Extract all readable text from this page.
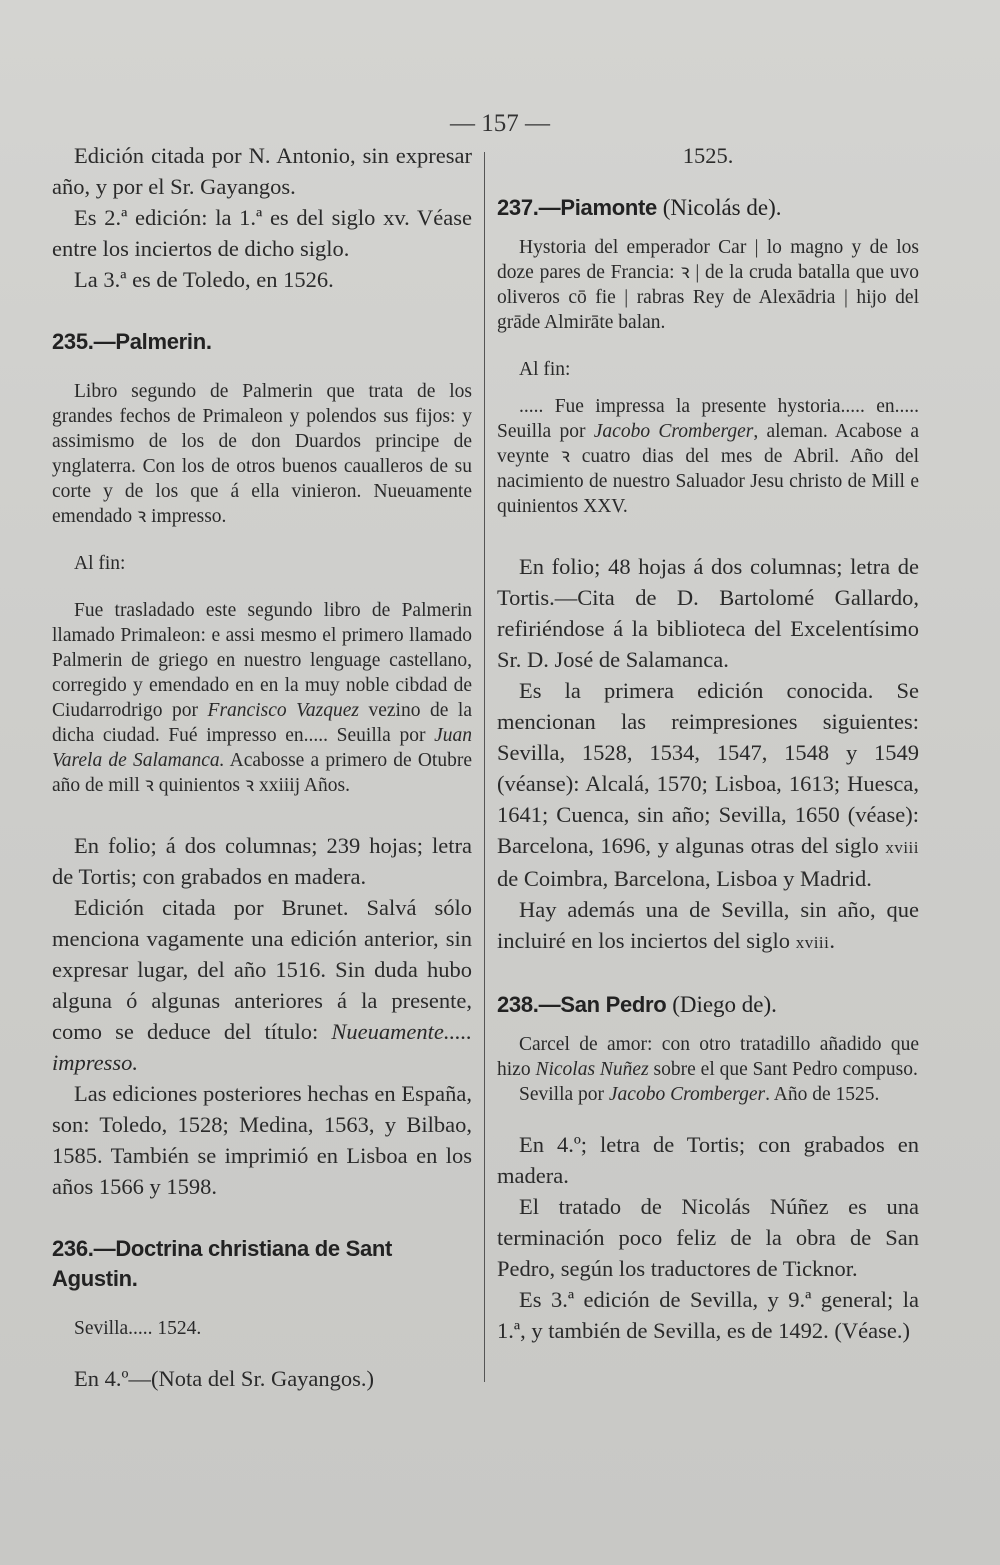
— 157 —

Edición citada por N. Antonio, sin expresar año, y por el Sr. Gayangos.

Es 2.ª edición: la 1.ª es del siglo xv. Véase entre los inciertos de dicho siglo.

La 3.ª es de Toledo, en 1526.

235.—Palmerin.

Libro segundo de Palmerin que trata de los grandes fechos de Primaleon y polendos sus fijos: y assimismo de los de don Duardos principe de ynglaterra. Con los de otros buenos caualleros de su corte y de los que á ella vinieron. Nueuamente emendado ꝛ impresso.

Al fin:

Fue trasladado este segundo libro de Palmerin llamado Primaleon: e assi mesmo el primero llamado Palmerin de griego en nuestro lenguage castellano, corregido y emendado en en la muy noble cibdad de Ciudarrodrigo por Francisco Vazquez vezino de la dicha ciudad. Fué impresso en..... Seuilla por Juan Varela de Salamanca. Acabosse a primero de Otubre año de mill ꝛ quinientos ꝛ xxiiij Años.

En folio; á dos columnas; 239 hojas; letra de Tortis; con grabados en madera.

Edición citada por Brunet. Salvá sólo menciona vagamente una edición anterior, sin expresar lugar, del año 1516. Sin duda hubo alguna ó algunas anteriores á la presente, como se deduce del título: Nueuamente..... impresso.

Las ediciones posteriores hechas en España, son: Toledo, 1528; Medina, 1563, y Bilbao, 1585. También se imprimió en Lisboa en los años 1566 y 1598.

236.—Doctrina christiana de Sant Agustin.

Sevilla..... 1524.

En 4.º—(Nota del Sr. Gayangos.)

1525.

237.—Piamonte (Nicolás de).

Hystoria del emperador Car | lo magno y de los doze pares de Francia: ꝛ | de la cruda batalla que uvo oliveros cō fie | rabras Rey de Alexādria | hijo del grāde Almirāte balan.

Al fin:

..... Fue impressa la presente hystoria..... en..... Seuilla por Jacobo Cromberger, aleman. Acabose a veynte ꝛ cuatro dias del mes de Abril. Año del nacimiento de nuestro Saluador Jesu christo de Mill e quinientos XXV.

En folio; 48 hojas á dos columnas; letra de Tortis.—Cita de D. Bartolomé Gallardo, refiriéndose á la biblioteca del Excelentísimo Sr. D. José de Salamanca.

Es la primera edición conocida. Se mencionan las reimpresiones siguientes: Sevilla, 1528, 1534, 1547, 1548 y 1549 (véanse): Alcalá, 1570; Lisboa, 1613; Huesca, 1641; Cuenca, sin año; Sevilla, 1650 (véase): Barcelona, 1696, y algunas otras del siglo xviii de Coimbra, Barcelona, Lisboa y Madrid.

Hay además una de Sevilla, sin año, que incluiré en los inciertos del siglo xviii.

238.—San Pedro (Diego de).

Carcel de amor: con otro tratadillo añadido que hizo Nicolas Nuñez sobre el que Sant Pedro compuso.

Sevilla por Jacobo Cromberger. Año de 1525.

En 4.º; letra de Tortis; con grabados en madera.

El tratado de Nicolás Núñez es una terminación poco feliz de la obra de San Pedro, según los traductores de Ticknor.

Es 3.ª edición de Sevilla, y 9.ª general; la 1.ª, y también de Sevilla, es de 1492. (Véase.)
